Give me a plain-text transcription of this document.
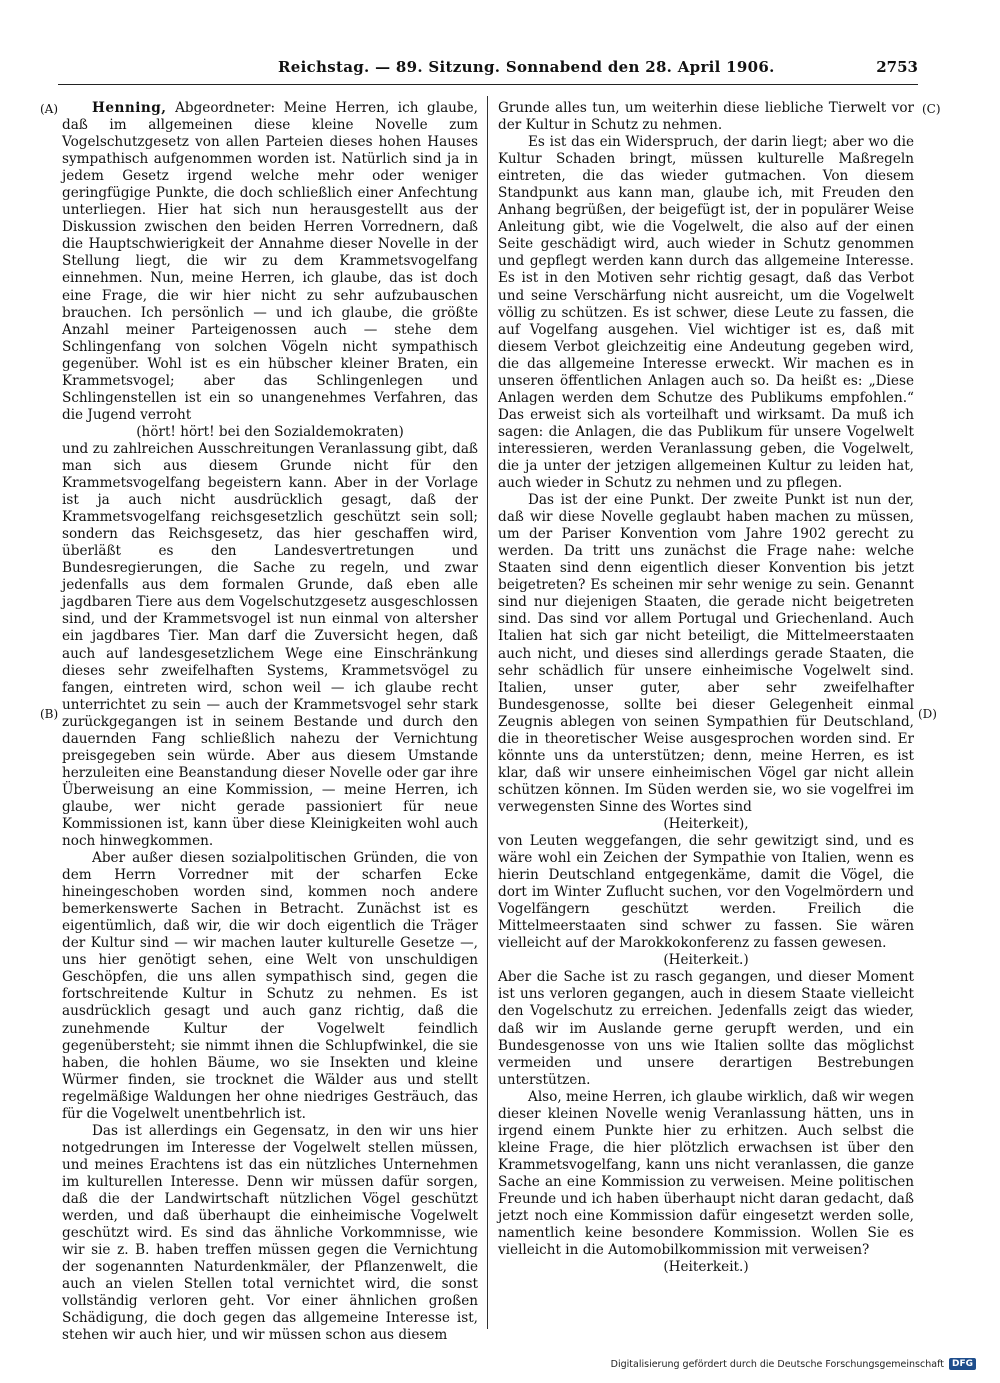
Reichstag. — 89. Sitzung. Sonnabend den 28. April 1906.	2753
(A)
(B)
(C)
(D)

Henning, Abgeordneter: Meine Herren, ich glaube, daß im allgemeinen diese kleine Novelle zum Vogelschutzgesetz von allen Parteien dieses hohen Hauses sympathisch aufgenommen worden ist. Natürlich sind ja in jedem Gesetz irgend welche mehr oder weniger geringfügige Punkte, die doch schließlich einer Anfechtung unterliegen. Hier hat sich nun herausgestellt aus der Diskussion zwischen den beiden Herren Vorrednern, daß die Hauptschwierigkeit der Annahme dieser Novelle in der Stellung liegt, die wir zu dem Krammetsvogelfang einnehmen. Nun, meine Herren, ich glaube, das ist doch eine Frage, die wir hier nicht zu sehr aufzubauschen brauchen. Ich persönlich — und ich glaube, die größte Anzahl meiner Parteigenossen auch — stehe dem Schlingenfang von solchen Vögeln nicht sympathisch gegenüber. Wohl ist es ein hübscher kleiner Braten, ein Krammetsvogel; aber das Schlingenlegen und Schlingenstellen ist ein so unangenehmes Verfahren, das die Jugend verroht

(hört! hört! bei den Sozialdemokraten)

und zu zahlreichen Ausschreitungen Veranlassung gibt, daß man sich aus diesem Grunde nicht für den Krammetsvogelfang begeistern kann. Aber in der Vorlage ist ja auch nicht ausdrücklich gesagt, daß der Krammetsvogelfang reichsgesetzlich geschützt sein soll; sondern das Reichsgesetz, das hier geschaffen wird, überläßt es den Landesvertretungen und Bundesregierungen, die Sache zu regeln, und zwar jedenfalls aus dem formalen Grunde, daß eben alle jagdbaren Tiere aus dem Vogelschutzgesetz ausgeschlossen sind, und der Krammetsvogel ist nun einmal von altersher ein jagdbares Tier. Man darf die Zuversicht hegen, daß auch auf landesgesetzlichem Wege eine Einschränkung dieses sehr zweifelhaften Systems, Krammetsvögel zu fangen, eintreten wird, schon weil — ich glaube recht unterrichtet zu sein — auch der Krammetsvogel sehr stark zurückgegangen ist in seinem Bestande und durch den dauernden Fang schließlich nahezu der Vernichtung preisgegeben sein würde. Aber aus diesem Umstande herzuleiten eine Beanstandung dieser Novelle oder gar ihre Überweisung an eine Kommission, — meine Herren, ich glaube, wer nicht gerade passioniert für neue Kommissionen ist, kann über diese Kleinigkeiten wohl auch noch hinwegkommen.

Aber außer diesen sozialpolitischen Gründen, die von dem Herrn Vorredner mit der scharfen Ecke hineingeschoben worden sind, kommen noch andere bemerkenswerte Sachen in Betracht. Zunächst ist es eigentümlich, daß wir, die wir doch eigentlich die Träger der Kultur sind — wir machen lauter kulturelle Gesetze —, uns hier genötigt sehen, eine Welt von unschuldigen Geschöpfen, die uns allen sympathisch sind, gegen die fortschreitende Kultur in Schutz zu nehmen. Es ist ausdrücklich gesagt und auch ganz richtig, daß die zunehmende Kultur der Vogelwelt feindlich gegenübersteht; sie nimmt ihnen die Schlupfwinkel, die sie haben, die hohlen Bäume, wo sie Insekten und kleine Würmer finden, sie trocknet die Wälder aus und stellt regelmäßige Waldungen her ohne niedriges Gesträuch, das für die Vogelwelt unentbehrlich ist.

Das ist allerdings ein Gegensatz, in den wir uns hier notgedrungen im Interesse der Vogelwelt stellen müssen, und meines Erachtens ist das ein nützliches Unternehmen im kulturellen Interesse. Denn wir müssen dafür sorgen, daß die der Landwirtschaft nützlichen Vögel geschützt werden, und daß überhaupt die einheimische Vogelwelt geschützt wird. Es sind das ähnliche Vorkommnisse, wie wir sie z. B. haben treffen müssen gegen die Vernichtung der sogenannten Naturdenkmäler, der Pflanzenwelt, die auch an vielen Stellen total vernichtet wird, die sonst vollständig verloren geht. Vor einer ähnlichen großen Schädigung, die doch gegen das allgemeine Interesse ist, stehen wir auch hier, und wir müssen schon aus diesem

Grunde alles tun, um weiterhin diese liebliche Tierwelt vor der Kultur in Schutz zu nehmen.

Es ist das ein Widerspruch, der darin liegt; aber wo die Kultur Schaden bringt, müssen kulturelle Maßregeln eintreten, die das wieder gutmachen. Von diesem Standpunkt aus kann man, glaube ich, mit Freuden den Anhang begrüßen, der beigefügt ist, der in populärer Weise Anleitung gibt, wie die Vogelwelt, die also auf der einen Seite geschädigt wird, auch wieder in Schutz genommen und gepflegt werden kann durch das allgemeine Interesse. Es ist in den Motiven sehr richtig gesagt, daß das Verbot und seine Verschärfung nicht ausreicht, um die Vogelwelt völlig zu schützen. Es ist schwer, diese Leute zu fassen, die auf Vogelfang ausgehen. Viel wichtiger ist es, daß mit diesem Verbot gleichzeitig eine Andeutung gegeben wird, die das allgemeine Interesse erweckt. Wir machen es in unseren öffentlichen Anlagen auch so. Da heißt es: „Diese Anlagen werden dem Schutze des Publikums empfohlen.“ Das erweist sich als vorteilhaft und wirksamt. Da muß ich sagen: die Anlagen, die das Publikum für unsere Vogelwelt interessieren, werden Veranlassung geben, die Vogelwelt, die ja unter der jetzigen allgemeinen Kultur zu leiden hat, auch wieder in Schutz zu nehmen und zu pflegen.

Das ist der eine Punkt. Der zweite Punkt ist nun der, daß wir diese Novelle geglaubt haben machen zu müssen, um der Pariser Konvention vom Jahre 1902 gerecht zu werden. Da tritt uns zunächst die Frage nahe: welche Staaten sind denn eigentlich dieser Konvention bis jetzt beigetreten? Es scheinen mir sehr wenige zu sein. Genannt sind nur diejenigen Staaten, die gerade nicht beigetreten sind. Das sind vor allem Portugal und Griechenland. Auch Italien hat sich gar nicht beteiligt, die Mittelmeerstaaten auch nicht, und dieses sind allerdings gerade Staaten, die sehr schädlich für unsere einheimische Vogelwelt sind. Italien, unser guter, aber sehr zweifelhafter Bundesgenosse, sollte bei dieser Gelegenheit einmal Zeugnis ablegen von seinen Sympathien für Deutschland, die in theoretischer Weise ausgesprochen worden sind. Er könnte uns da unterstützen; denn, meine Herren, es ist klar, daß wir unsere einheimischen Vögel gar nicht allein schützen können. Im Süden werden sie, wo sie vogelfrei im verwegensten Sinne des Wortes sind

(Heiterkeit),

von Leuten weggefangen, die sehr gewitzigt sind, und es wäre wohl ein Zeichen der Sympathie von Italien, wenn es hierin Deutschland entgegenkäme, damit die Vögel, die dort im Winter Zuflucht suchen, vor den Vogelmördern und Vogelfängern geschützt werden. Freilich die Mittelmeerstaaten sind schwer zu fassen. Sie wären vielleicht auf der Marokkokonferenz zu fassen gewesen.

(Heiterkeit.)

Aber die Sache ist zu rasch gegangen, und dieser Moment ist uns verloren gegangen, auch in diesem Staate vielleicht den Vogelschutz zu erreichen. Jedenfalls zeigt das wieder, daß wir im Auslande gerne gerupft werden, und ein Bundesgenosse von uns wie Italien sollte das möglichst vermeiden und unsere derartigen Bestrebungen unterstützen.

Also, meine Herren, ich glaube wirklich, daß wir wegen dieser kleinen Novelle wenig Veranlassung hätten, uns in irgend einem Punkte hier zu erhitzen. Auch selbst die kleine Frage, die hier plötzlich erwachsen ist über den Krammetsvogelfang, kann uns nicht veranlassen, die ganze Sache an eine Kommission zu verweisen. Meine politischen Freunde und ich haben überhaupt nicht daran gedacht, daß jetzt noch eine Kommission dafür eingesetzt werden solle, namentlich keine besondere Kommission. Wollen Sie es vielleicht in die Automobilkommission mit verweisen?

(Heiterkeit.)

Digitalisierung gefördert durch die Deutsche Forschungsgemeinschaft DFG
